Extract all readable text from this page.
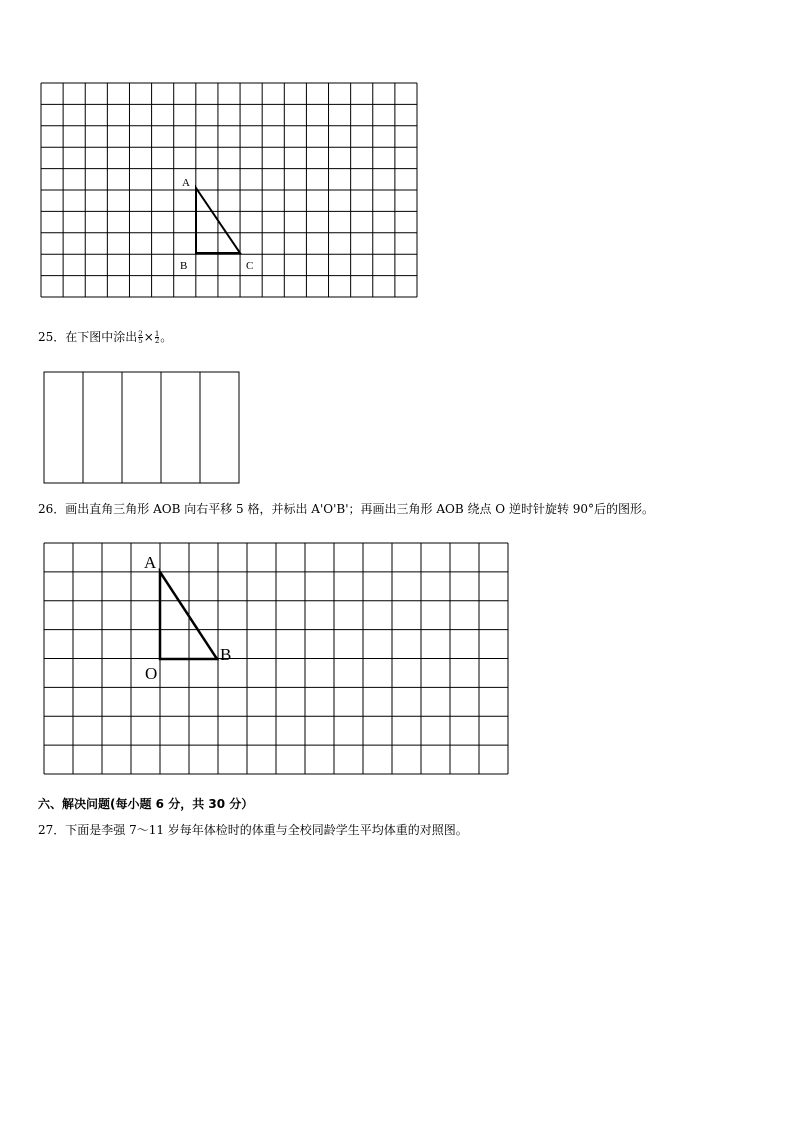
A
B	C
25．在下图中涂出 $\frac{2}{5} \times \frac{1}{2}$ 。
26．画出直角三角形 AOB 向右平移 5 格，并标出 A'O'B'；再画出三角形 AOB 绕点 O 逆时针旋转 90°后的图形。
A
O
B
六、解决问题(每小题 6 分，共 30 分）
27．下面是李强 7～11 岁每年体检时的体重与全校同龄学生平均体重的对照图。
